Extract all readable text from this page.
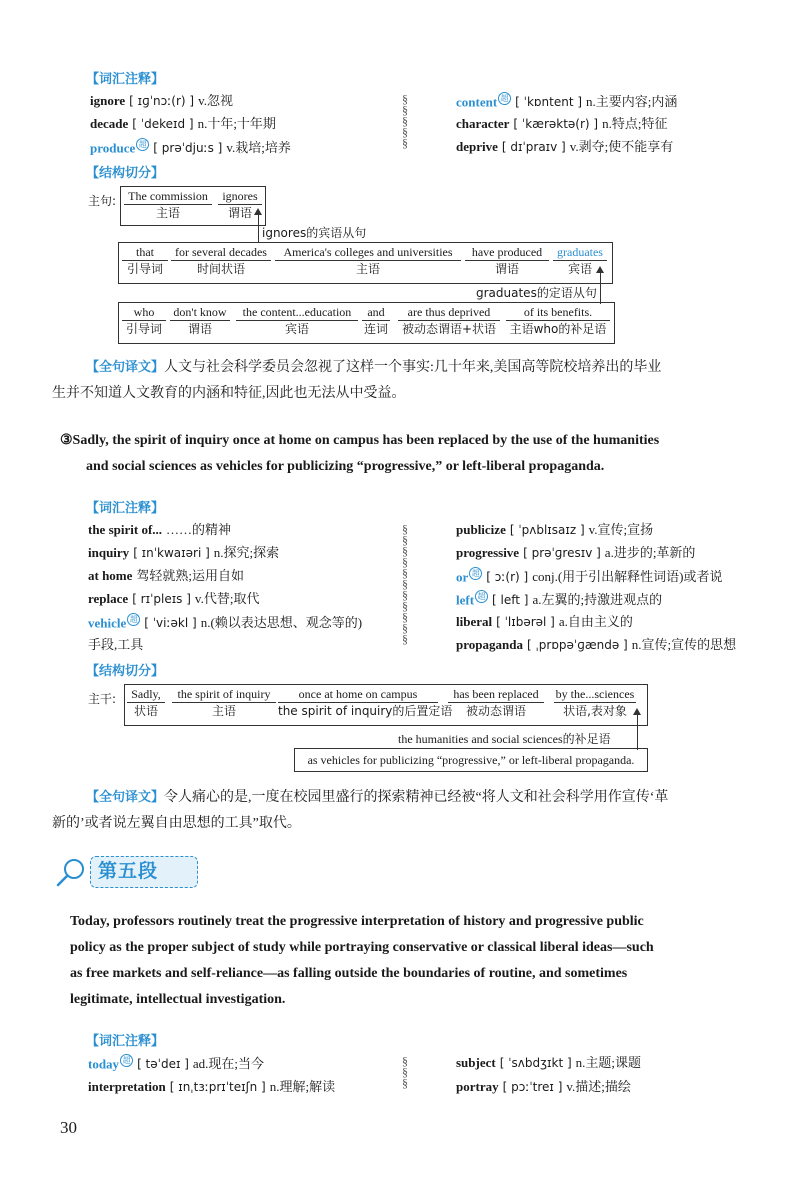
【词汇注释】
ignore [ ɪɡˈnɔː(r) ] v.忽视
decade [ ˈdekeɪd ] n.十年;十年期
produce 超 [ prəˈdjuːs ] v.栽培;培养
content 超 [ ˈkɒntent ] n.主要内容;内涵
character [ ˈkærəktə(r) ] n.特点;特征
deprive [ dɪˈpraɪv ] v.剥夺;使不能享有
§
§
§
§
§
【结构切分】
主句:	The commission
主语
ignores
谓语
ignores的宾语从句
that
引导词
for several decades
时间状语
America's colleges and universities
主语
have produced
谓语
graduates
宾语
graduates的定语从句
who
引导词
don't know
谓语
the content...education
宾语
and
连词
are thus deprived
被动态谓语+状语
of its benefits.
主语who的补足语
【全句译文】人文与社会科学委员会忽视了这样一个事实:几十年来,美国高等院校培养出的毕业
生并不知道人文教育的内涵和特征,因此也无法从中受益。
③Sadly, the spirit of inquiry once at home on campus has been replaced by the use of the humanities
and social sciences as vehicles for publicizing “progressive,” or left-liberal propaganda.
【词汇注释】
the spirit of... ……的精神
inquiry [ ɪnˈkwaɪəri ] n.探究;探索
at home 驾轻就熟;运用自如
replace [ rɪˈpleɪs ] v.代替;取代
vehicle 超 [ ˈviːəkl ] n.(赖以表达思想、观念等的)
手段,工具
publicize [ ˈpʌblɪsaɪz ] v.宣传;宣扬
progressive [ prəˈɡresɪv ] a.进步的;革新的
or 超 [ ɔː(r) ] conj.(用于引出解释性词语)或者说
left 超 [ left ] a.左翼的;持激进观点的
liberal [ ˈlɪbərəl ] a.自由主义的
propaganda [ ˌprɒpəˈɡændə ] n.宣传;宣传的思想
§
§
§
§
§
§
§
§
§
§
§
【结构切分】
主干:	Sadly,
状语
the spirit of inquiry
主语
once at home on campus
the spirit of inquiry的后置定语
has been replaced
被动态谓语
by the...sciences
状语,表对象
the humanities and social sciences的补足语
as vehicles for publicizing “progressive,” or left-liberal propaganda.
【全句译文】令人痛心的是,一度在校园里盛行的探索精神已经被“将人文和社会科学用作宣传‘革
新的’或者说左翼自由思想的工具”取代。
第五段
Today, professors routinely treat the progressive interpretation of history and progressive public
policy as the proper subject of study while portraying conservative or classical liberal ideas—such
as free markets and self-reliance—as falling outside the boundaries of routine, and sometimes
legitimate, intellectual investigation.
【词汇注释】
today 超 [ təˈdeɪ ] ad.现在;当今
interpretation [ ɪnˌtɜːprɪˈteɪʃn ] n.理解;解读
subject [ ˈsʌbdʒɪkt ] n.主题;课题
portray [ pɔːˈtreɪ ] v.描述;描绘
§
§
§
30
